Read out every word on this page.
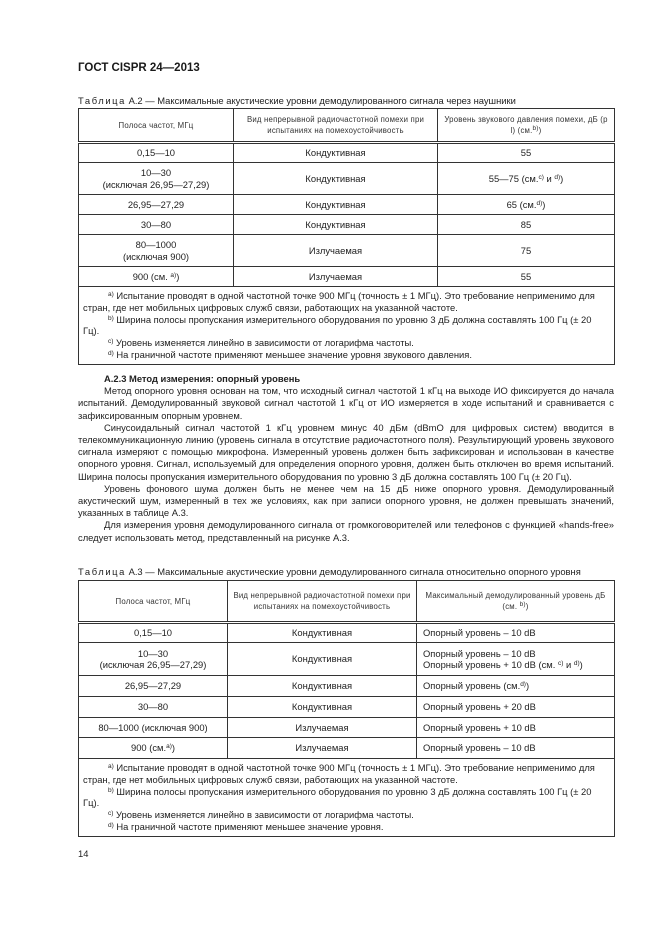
ГОСТ CISPR 24—2013
Таблица А.2 — Максимальные акустические уровни демодулированного сигнала через наушники
Полоса частот, МГц	Вид непрерывной радиочастотной помехи при испытаниях на помехоустойчивость	Уровень звукового давления помехи, дБ (р l) (см.$^{b)}$)
0,15—10	Кондуктивная	55
10—30
(исключая 26,95—27,29)	Кондуктивная	55—75 (см.$^{c)}$ и $^{d)}$)
26,95—27,29	Кондуктивная	65 (см.$^{d)}$)
30—80	Кондуктивная	85
80—1000
(исключая 900)	Излучаемая	75
900 (см. $^{a)}$)	Излучаемая	55

$^{a)}$ Испытание проводят в одной частотной точке 900 МГц (точность ± 1 МГц). Это требование неприменимо для стран, где нет мобильных цифровых служб связи, работающих на указанной частоте.
$^{b)}$ Ширина полосы пропускания измерительного оборудования по уровню 3 дБ должна составлять 100 Гц (± 20 Гц).
$^{c)}$ Уровень изменяется линейно в зависимости от логарифма частоты.
$^{d)}$ На граничной частоте применяют меньшее значение уровня звукового давления.		
А.2.3 Метод измерения: опорный уровень

Метод опорного уровня основан на том, что исходный сигнал частотой 1 кГц на выходе ИО фиксируется до начала испытаний. Демодулированный звуковой сигнал частотой 1 кГц от ИО измеряется в ходе испытаний и сравнивается с зафиксированным опорным уровнем.

Синусоидальный сигнал частотой 1 кГц уровнем минус 40 дБм (dBmO для цифровых систем) вводится в телекоммуникационную линию (уровень сигнала в отсутствие радиочастотного поля). Результирующий уровень звукового сигнала измеряют с помощью микрофона. Измеренный уровень должен быть зафиксирован и использован в качестве опорного уровня. Сигнал, используемый для определения опорного уровня, должен быть отключен во время испытаний. Ширина полосы пропускания измерительного оборудования по уровню 3 дБ должна составлять 100 Гц (± 20 Гц).

Уровень фонового шума должен быть не менее чем на 15 дБ ниже опорного уровня. Демодулированный акустический шум, измеренный в тех же условиях, как при записи опорного уровня, не должен превышать значений, указанных в таблице А.3.

Для измерения уровня демодулированного сигнала от громкоговорителей или телефонов с функцией «hands-free» следует использовать метод, представленный на рисунке А.3.

Таблица А.3 — Максимальные акустические уровни демодулированного сигнала относительно опорного уровня
Полоса частот, МГц	Вид непрерывной радиочастотной помехи при испытаниях на помехоустойчивость	Максимальный демодулированный уровень дБ (см. $^{b)}$)
0,15—10	Кондуктивная	Опорный уровень – 10 dB
10—30
(исключая 26,95—27,29)	Кондуктивная	Опорный уровень – 10 dB
Опорный уровень + 10 dB (см. $^{c)}$ и $^{d)}$)
26,95—27,29	Кондуктивная	Опорный уровень (см.$^{d)}$)
30—80	Кондуктивная	Опорный уровень + 20 dB
80—1000 (исключая 900)	Излучаемая	Опорный уровень + 10 dB
900 (см.$^{a)}$)	Излучаемая	Опорный уровень – 10 dB

$^{a)}$ Испытание проводят в одной частотной точке 900 МГц (точность ± 1 МГц). Это требование неприменимо для стран, где нет мобильных цифровых служб связи, работающих на указанной частоте.
$^{b)}$ Ширина полосы пропускания измерительного оборудования по уровню 3 дБ должна составлять 100 Гц (± 20 Гц).
$^{c)}$ Уровень изменяется линейно в зависимости от логарифма частоты.
$^{d)}$ На граничной частоте применяют меньшее значение уровня.		
14
